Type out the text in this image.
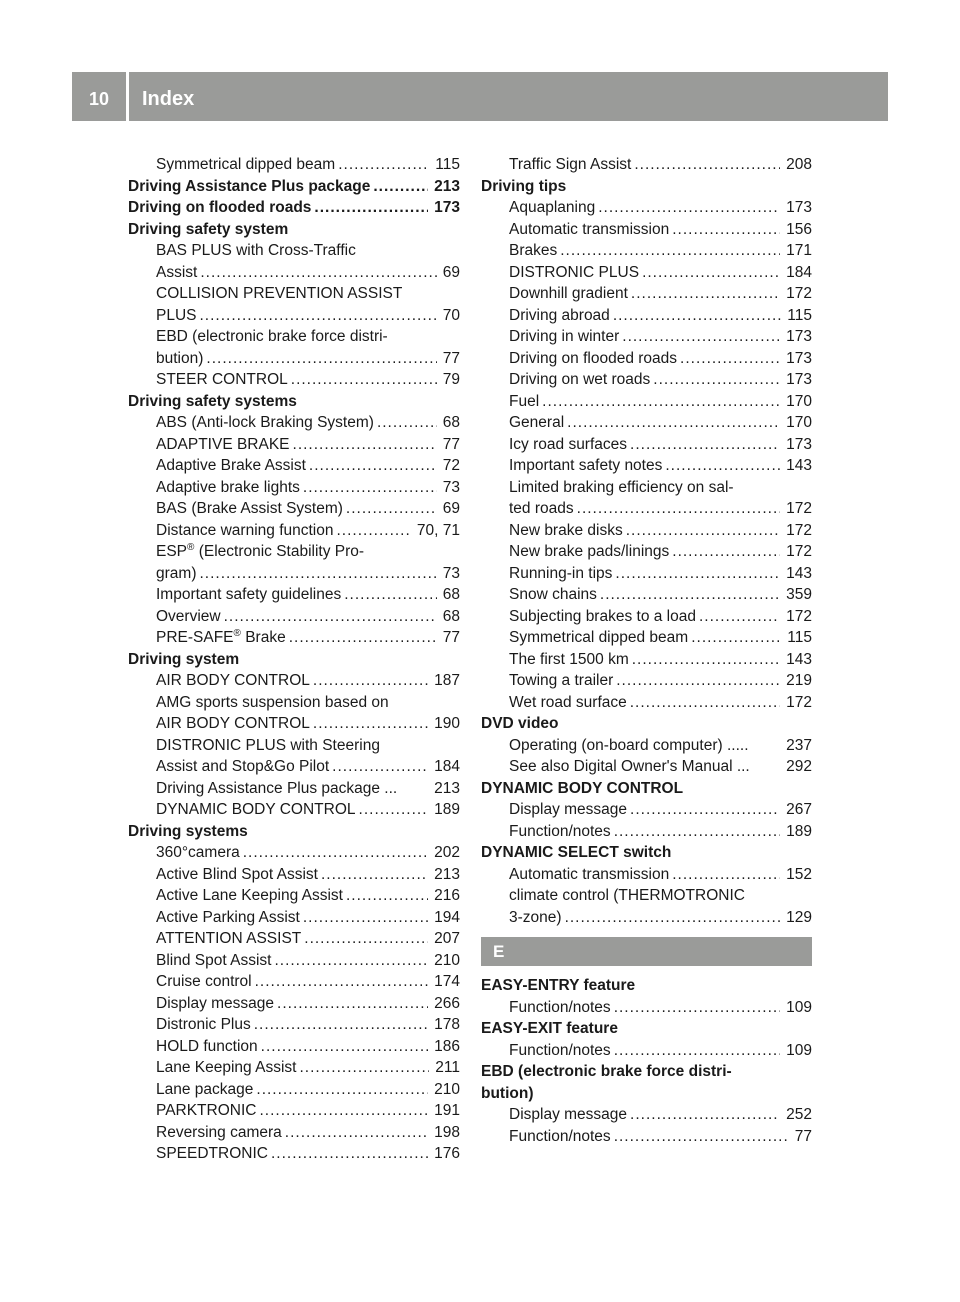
10	Index
Symmetrical dipped beam .....	115
Driving Assistance Plus package .....	213
Driving on flooded roads .....	173
Driving safety system
BAS PLUS with Cross-Traffic
Assist .....	69
COLLISION PREVENTION ASSIST
PLUS .....	70
EBD (electronic brake force distri-
bution) .....	77
STEER CONTROL .....	79
Driving safety systems
ABS (Anti-lock Braking System) .....	68
ADAPTIVE BRAKE .....	77
Adaptive Brake Assist .....	72
Adaptive brake lights .....	73
BAS (Brake Assist System) .....	69
Distance warning function .....	70, 71
ESP® (Electronic Stability Pro-
gram) .....	73
Important safety guidelines .....	68
Overview .....	68
PRE-SAFE® Brake .....	77
Driving system
AIR BODY CONTROL .....	187
AMG sports suspension based on
AIR BODY CONTROL .....	190
DISTRONIC PLUS with Steering
Assist and Stop&Go Pilot .....	184
Driving Assistance Plus package ...	213
DYNAMIC BODY CONTROL .....	189
Driving systems
360°camera .....	202
Active Blind Spot Assist .....	213
Active Lane Keeping Assist .....	216
Active Parking Assist .....	194
ATTENTION ASSIST .....	207
Blind Spot Assist .....	210
Cruise control .....	174
Display message .....	266
Distronic Plus .....	178
HOLD function .....	186
Lane Keeping Assist .....	211
Lane package .....	210
PARKTRONIC .....	191
Reversing camera .....	198
SPEEDTRONIC .....	176
Traffic Sign Assist .....	208
Driving tips
Aquaplaning .....	173
Automatic transmission .....	156
Brakes .....	171
DISTRONIC PLUS .....	184
Downhill gradient .....	172
Driving abroad .....	115
Driving in winter .....	173
Driving on flooded roads .....	173
Driving on wet roads .....	173
Fuel .....	170
General .....	170
Icy road surfaces .....	173
Important safety notes .....	143
Limited braking efficiency on sal-
ted roads .....	172
New brake disks .....	172
New brake pads/linings .....	172
Running-in tips .....	143
Snow chains .....	359
Subjecting brakes to a load .....	172
Symmetrical dipped beam .....	115
The first 1500 km .....	143
Towing a trailer .....	219
Wet road surface .....	172
DVD video
Operating (on-board computer) .....	237
See also Digital Owner's Manual ...	292
DYNAMIC BODY CONTROL
Display message .....	267
Function/notes .....	189
DYNAMIC SELECT switch
Automatic transmission .....	152
climate control (THERMOTRONIC
3-zone) .....	129
E
EASY-ENTRY feature
Function/notes .....	109
EASY-EXIT feature
Function/notes .....	109
EBD (electronic brake force distri-
bution)
Display message .....	252
Function/notes .....	77
